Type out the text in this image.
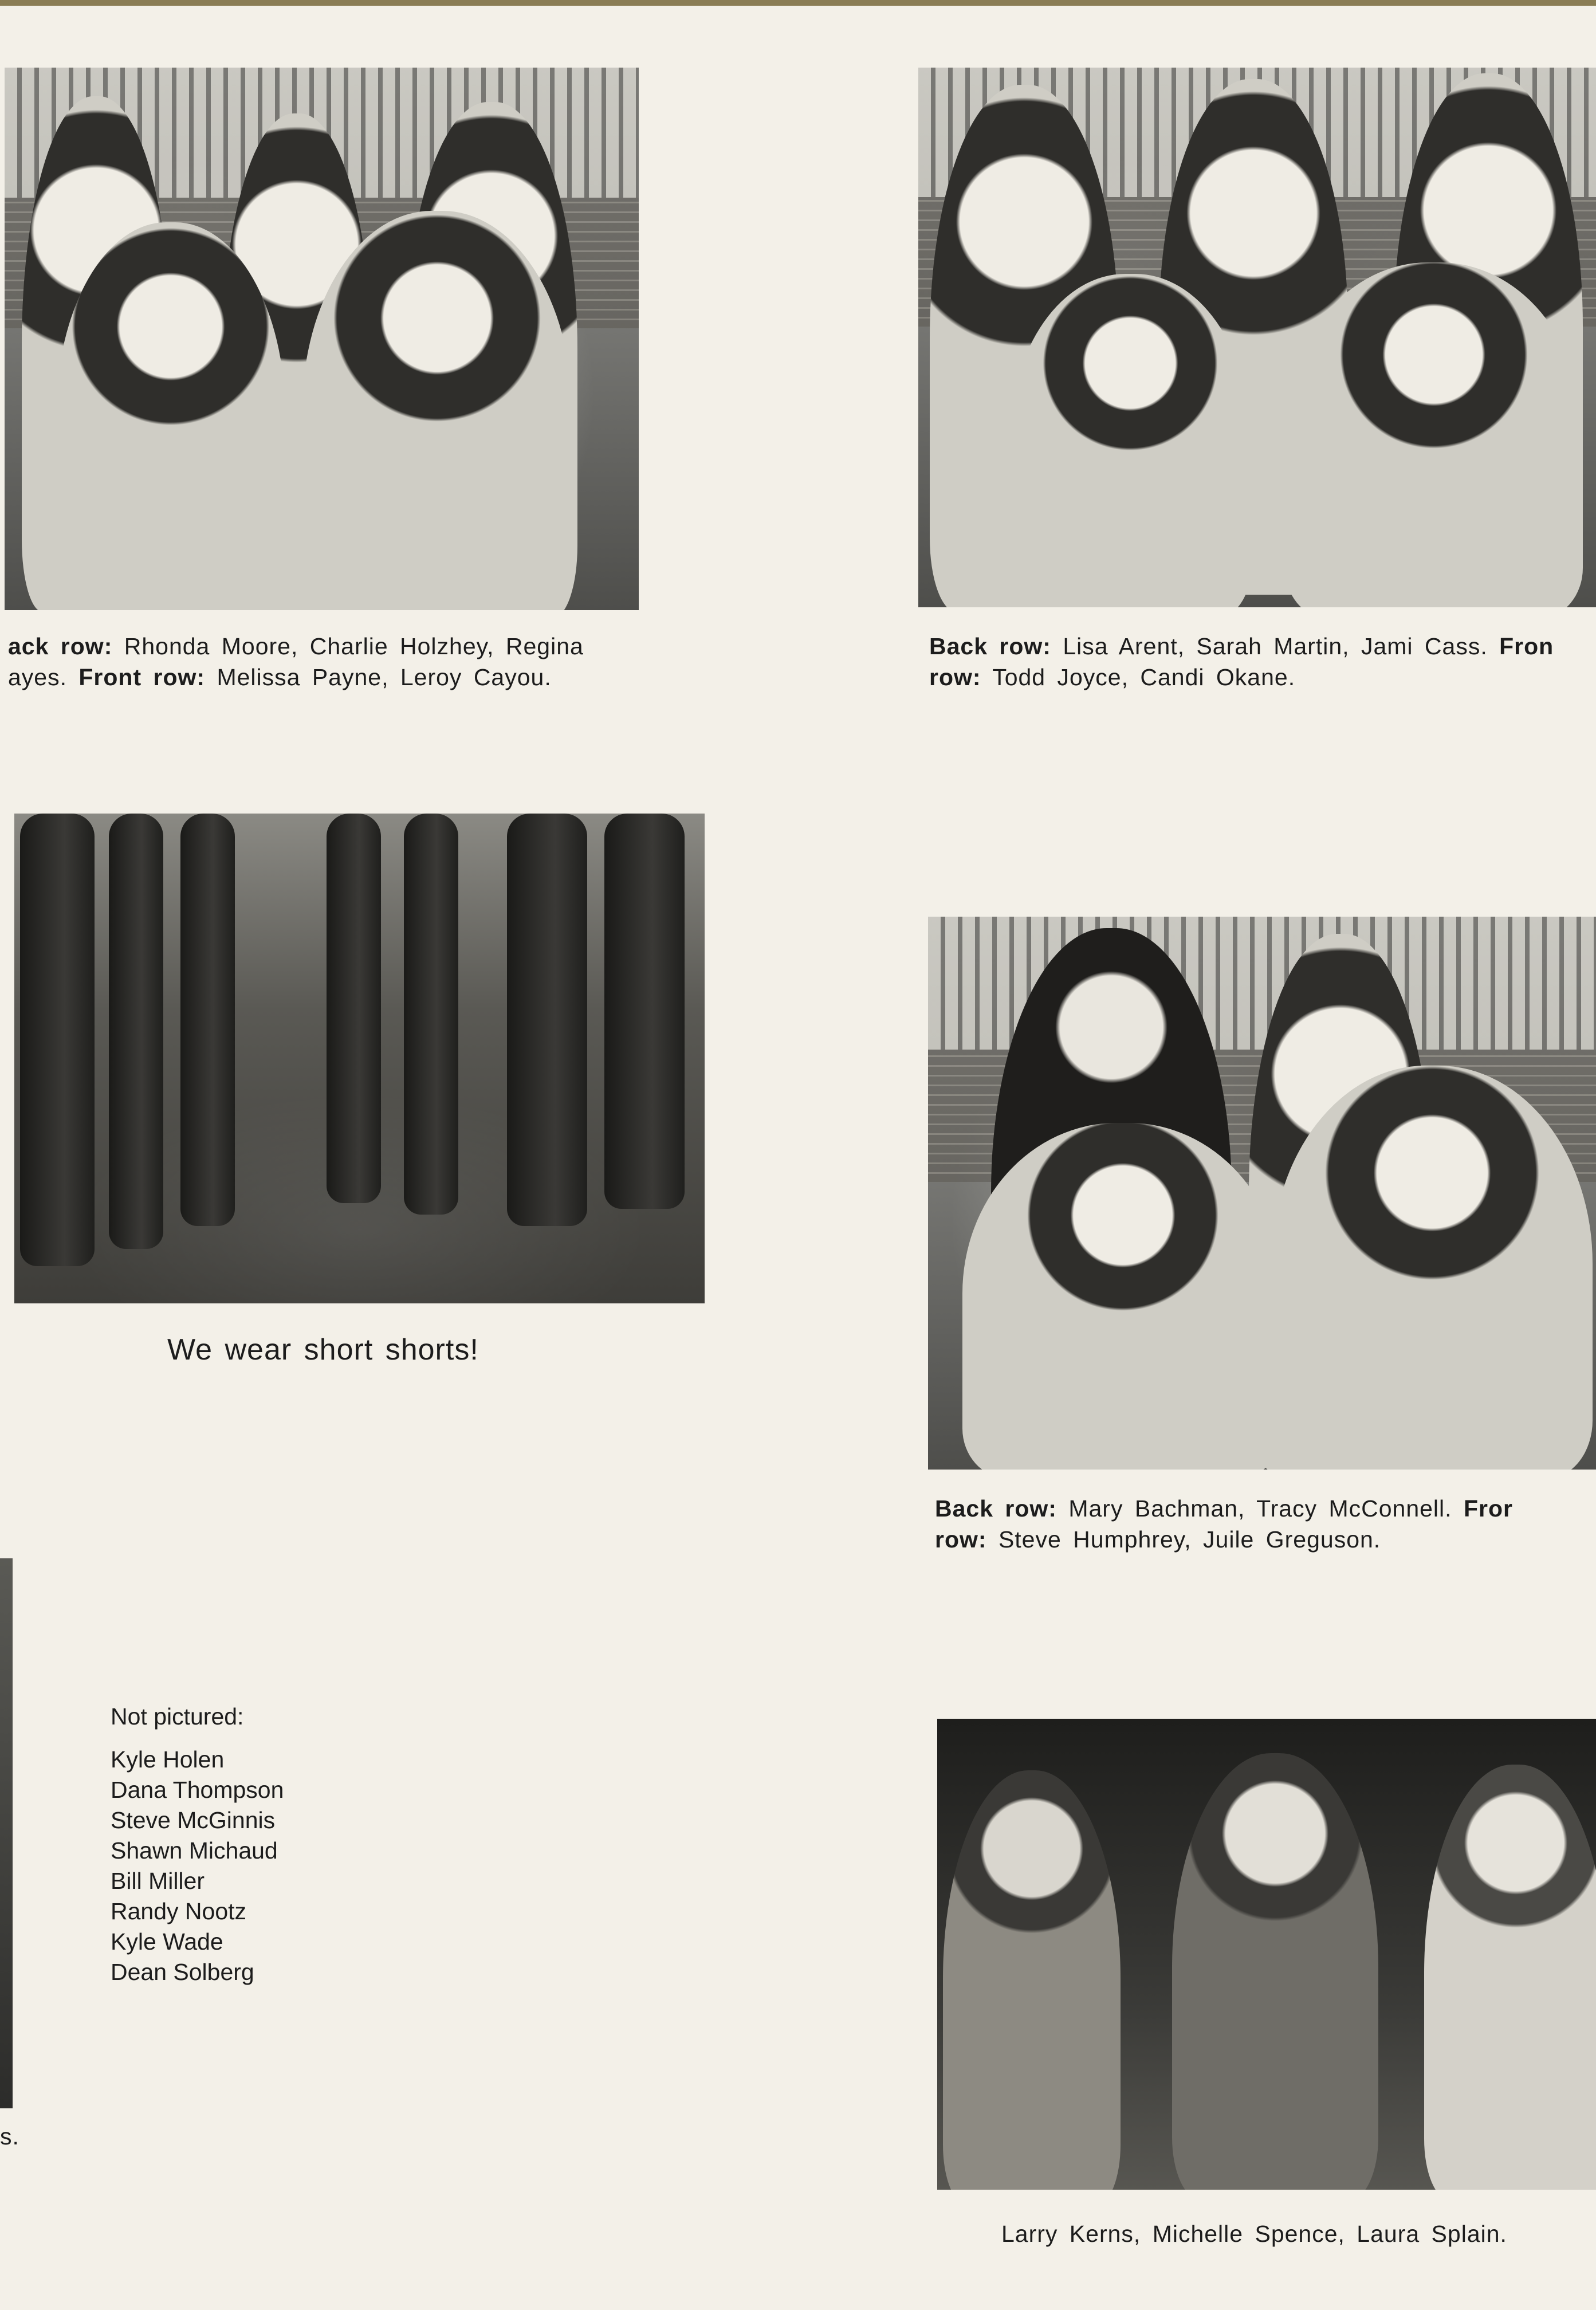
ack row: Rhonda Moore, Charlie Holzhey, Regina
ayes. Front row: Melissa Payne, Leroy Cayou.

Back row: Lisa Arent, Sarah Martin, Jami Cass. Fron
row: Todd Joyce, Candi Okane.

We wear short shorts!

Back row: Mary Bachman, Tracy McConnell. Fror
row: Steve Humphrey, Juile Greguson.

Not pictured:
Kyle Holen
Dana Thompson
Steve McGinnis
Shawn Michaud
Bill Miller
Randy Nootz
Kyle Wade
Dean Solberg

s.

Larry Kerns, Michelle Spence, Laura Splain.
